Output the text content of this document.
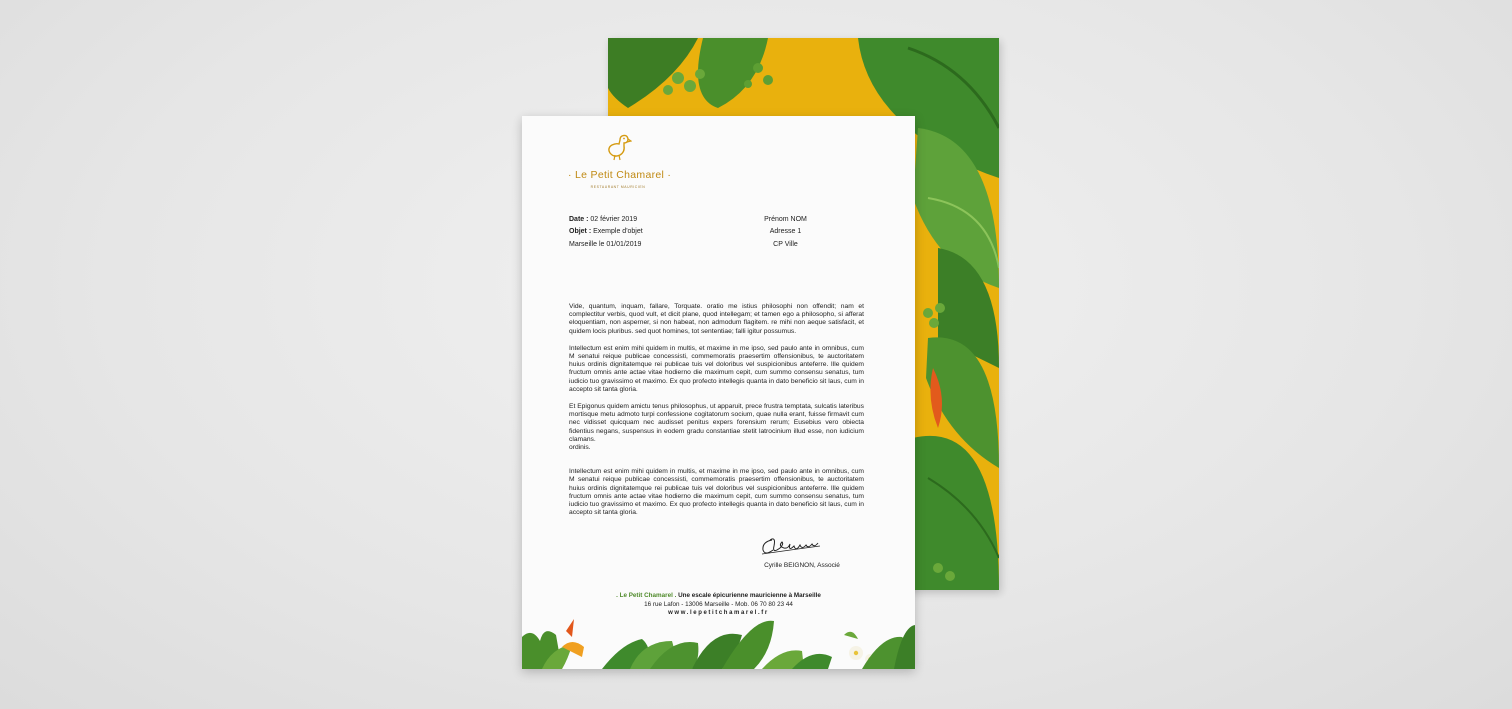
· Le Petit Chamarel ·
RESTAURANT MAURICIEN
Date : 02 février 2019
Objet : Exemple d'objet
Marseille le 01/01/2019
Prénom NOM
Adresse 1
CP Ville

Vide, quantum, inquam, fallare, Torquate. oratio me istius philosophi non offendit; nam et complectitur verbis, quod vult, et dicit plane, quod intellegam; et tamen ego a philosopho, si afferat eloquentiam, non asperner, si non habeat, non admodum flagitem. re mihi non aeque satisfacit, et quidem locis pluribus. sed quot homines, tot sententiae; falli igitur possumus.

Intellectum est enim mihi quidem in multis, et maxime in me ipso, sed paulo ante in omnibus, cum M senatui reique publicae concessisti, commemoratis praesertim offensionibus, te auctoritatem huius ordinis dignitatemque rei publicae tuis vel doloribus vel suspicionibus anteferre. Ille quidem fructum omnis ante actae vitae hodierno die maximum cepit, cum summo consensu senatus, tum iudicio tuo gravissimo et maximo. Ex quo profecto intellegis quanta in dato beneficio sit laus, cum in accepto sit tanta gloria.

Et Epigonus quidem amictu tenus philosophus, ut apparuit, prece frustra temptata, sulcatis lateribus mortisque metu admoto turpi confessione cogitatorum socium, quae nulla erant, fuisse firmavit cum nec vidisset quicquam nec audisset penitus expers forensium rerum; Eusebius vero obiecta fidentius negans, suspensus in eodem gradu constantiae stetit latrocinium illud esse, non iudicium clamans.

ordinis.

Intellectum est enim mihi quidem in multis, et maxime in me ipso, sed paulo ante in omnibus, cum M senatui reique publicae concessisti, commemoratis praesertim offensionibus, te auctoritatem huius ordinis dignitatemque rei publicae tuis vel doloribus vel suspicionibus anteferre. Ille quidem fructum omnis ante actae vitae hodierno die maximum cepit, cum summo consensu senatus, tum iudicio tuo gravissimo et maximo. Ex quo profecto intellegis quanta in dato beneficio sit laus, cum in accepto sit tanta gloria.

Cyrille BEIGNON, Associé
. Le Petit Chamarel . Une escale épicurienne mauricienne à Marseille
16 rue Lafon - 13006 Marseille - Mob. 06 70 80 23 44
www.lepetitchamarel.fr
